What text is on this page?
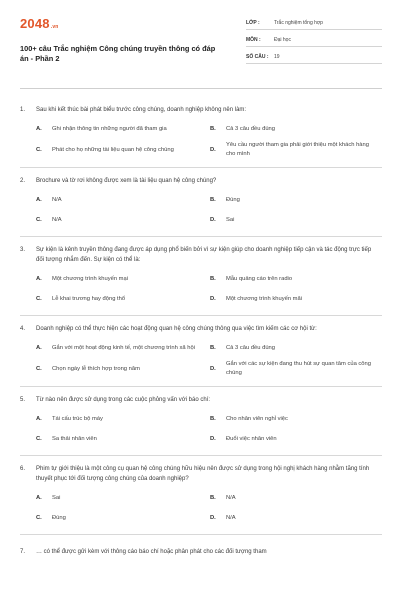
2048 .vn
100+ câu Trắc nghiệm Công chúng truyền thông có đáp án - Phần 2
LỚP :	Trắc nghiệm tổng hợp
MÔN :	Đại học
SỐ CÂU :	19
1.	Sau khi kết thúc bài phát biểu trước công chúng, doanh nghiệp không nên làm:
A.	Ghi nhận thông tin những người đã tham gia	B.	Cả 3 câu đều đúng
C.	Phát cho họ những tài liệu quan hệ công chúng	D.
Yêu cầu người tham gia phải giới thiệu một khách hàng cho mình
2.	Brochure và tờ rơi không được xem là tài liệu quan hệ công chúng?
A.	N/A	B.	Đúng
C.	N/A	D.	Sai
3.	Sự kiện là kênh truyền thông đang được áp dụng phổ biến bởi vì sự kiện giúp cho doanh nghiệp tiếp cận và tác động trực tiếp đối tượng nhắm đến. Sự kiện có thể là:
A.	Một chương trình khuyến mại	B.	Mẫu quảng cáo trên radio
C.	Lễ khai trương hay động thổ	D.	Một chương trình khuyến mãi
4.	Doanh nghiệp có thể thực hiện các hoạt động quan hệ công chúng thông qua việc tìm kiếm các cơ hội từ:
A.	Gắn với một hoạt động kinh tế, một chương trình xã hội	B.	Cả 3 câu đều đúng
C.	Chọn ngày lễ thích hợp trong năm	D.
Gắn với các sự kiện đang thu hút sự quan tâm của công chúng
5.	Từ nào nên được sử dụng trong các cuộc phỏng vấn với báo chí:
A.	Tái cấu trúc bộ máy	B.	Cho nhân viên nghỉ việc
C.	Sa thải nhân viên	D.	Đuổi việc nhân viên
6.	Phim tự giới thiệu là một công cụ quan hệ công chúng hữu hiệu nên được sử dụng trong hội nghị khách hàng nhằm tăng tính thuyết phục tới đối tượng công chúng của doanh nghiệp?
A.	Sai	B.	N/A
C.	Đúng	D.	N/A
7.	… có thể được gửi kèm với thông cáo báo chí hoặc phân phát cho các đối tượng tham
